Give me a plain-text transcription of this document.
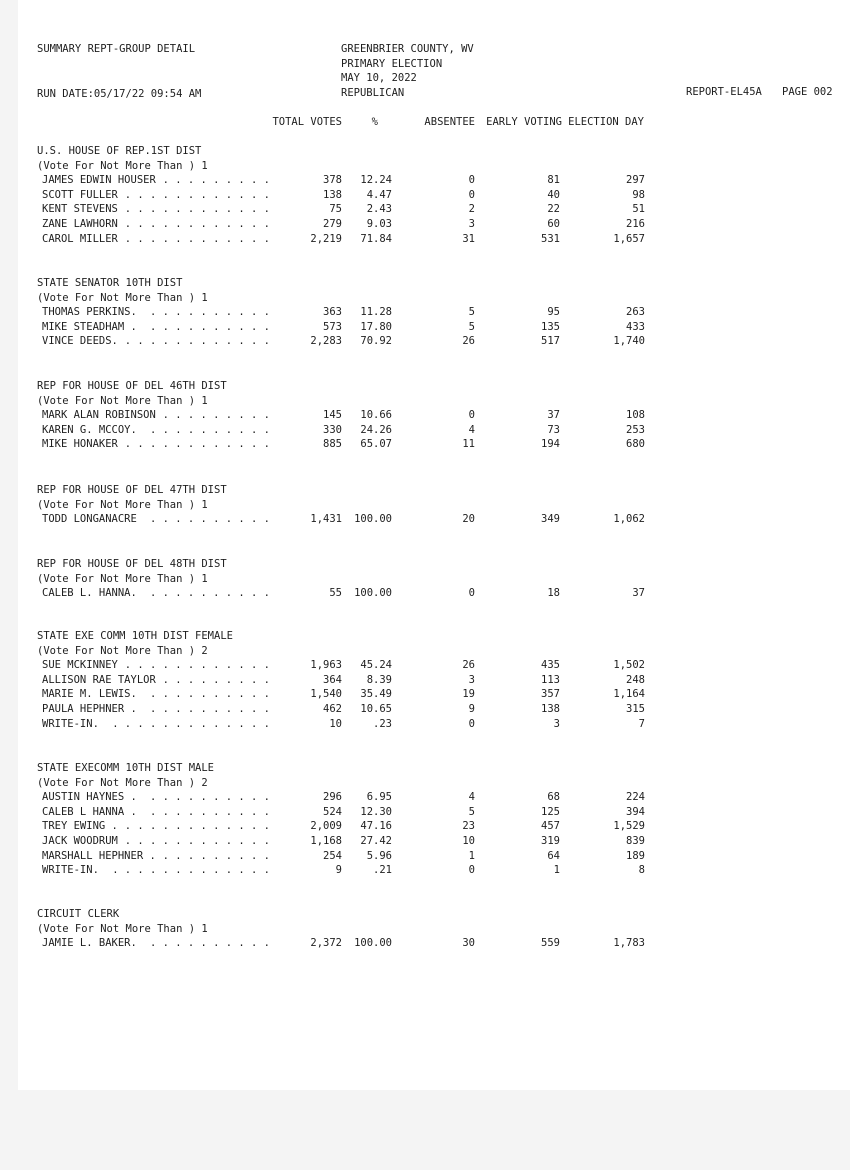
SUMMARY REPT-GROUP DETAIL
RUN DATE:05/17/22 09:54 AM
GREENBRIER COUNTY, WV
PRIMARY ELECTION
MAY 10, 2022
REPUBLICAN	REPORT-EL45A PAGE 002
TOTAL VOTES	%	ABSENTEE EARLY VOTING ELECTION DAY
U.S. HOUSE OF REP.1ST DIST
(Vote For Not More Than ) 1
JAMES EDWIN HOUSER .........	378 12.24	0	81	297
SCOTT FULLER ............	138 4.47	0	40	98
KENT STEVENS ............	75 2.43	2	22	51
ZANE LAWHORN ............	279 9.03	3	60	216
CAROL MILLER ............	2,219 71.84	31	531	1,657
STATE SENATOR 10TH DIST
(Vote For Not More Than ) 1
THOMAS PERKINS. ..........	363 11.28	5	95	263
MIKE STEADHAM . ..........	573 17.80	5	135	433
VINCE DEEDS. ............	2,283 70.92	26	517	1,740
REP FOR HOUSE OF DEL 46TH DIST
(Vote For Not More Than ) 1
MARK ALAN ROBINSON .........	145 10.66	0	37	108
KAREN G. MCCOY. ..........	330 24.26	4	73	253
MIKE HONAKER ............	885 65.07	11	194	680
REP FOR HOUSE OF DEL 47TH DIST
(Vote For Not More Than ) 1
TODD LONGANACRE ..........	1,431 100.00	20	349	1,062
REP FOR HOUSE OF DEL 48TH DIST
(Vote For Not More Than ) 1
CALEB L. HANNA. ..........	55 100.00	0	18	37
STATE EXE COMM 10TH DIST FEMALE
(Vote For Not More Than ) 2
SUE MCKINNEY ............	1,963 45.24	26	435	1,502
ALLISON RAE TAYLOR .........	364 8.39	3	113	248
MARIE M. LEWIS. ..........	1,540 35.49	19	357	1,164
PAULA HEPHNER . ..........	462 10.65	9	138	315
WRITE-IN. .............	10	.23	0	3	7
STATE EXECOMM 10TH DIST MALE
(Vote For Not More Than ) 2
AUSTIN HAYNES . ..........	296 6.95	4	68	224
CALEB L HANNA . ..........	524 12.30	5	125	394
TREY EWING . ............	2,009 47.16	23	457	1,529
JACK WOODRUM ............	1,168 27.42	10	319	839
MARSHALL HEPHNER . .........	254 5.96	1	64	189
WRITE-IN. .............	9	.21	0	1	8
CIRCUIT CLERK
(Vote For Not More Than ) 1
JAMIE L. BAKER. ..........	2,372 100.00	30	559	1,783
